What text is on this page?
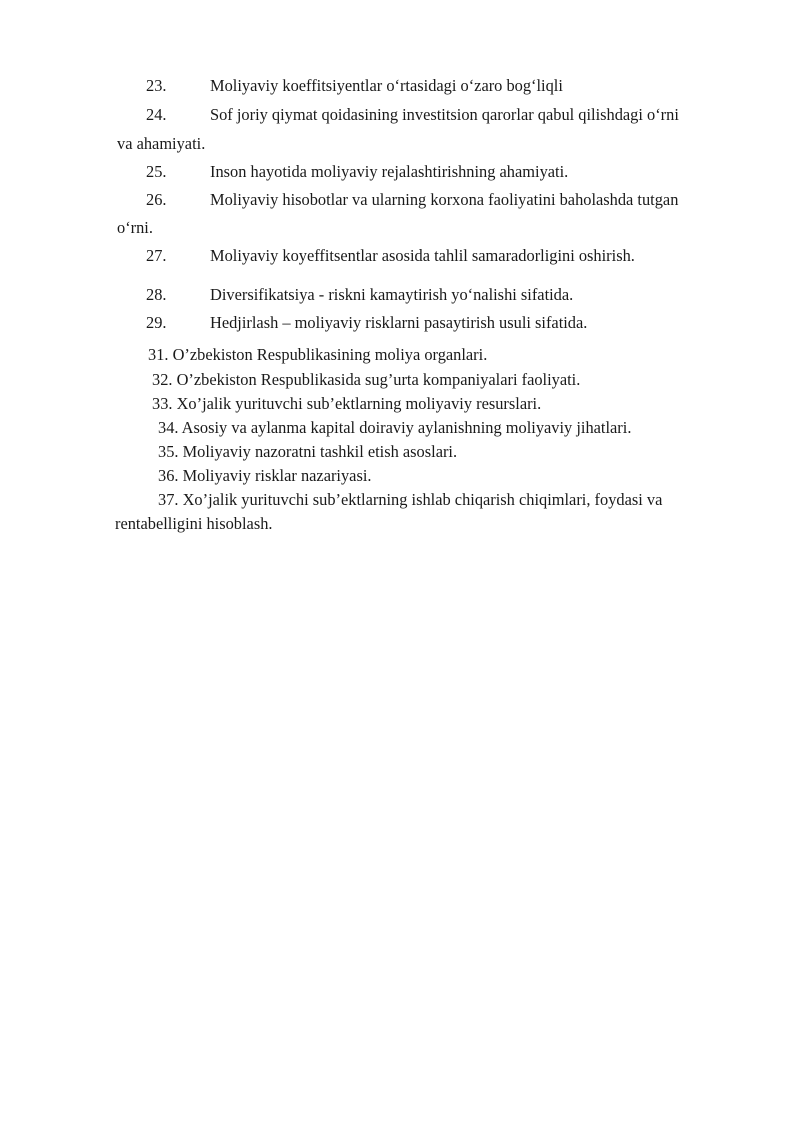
23.	Moliyaviy koeffitsiyentlar o‘rtasidagi o‘zaro bog‘liqli
24.	Sof joriy qiymat qoidasining investitsion qarorlar qabul qilishdagi o‘rni
va ahamiyati.
25.	Inson hayotida moliyaviy rejalashtirishning ahamiyati.
26.	Moliyaviy hisobotlar va ularning korxona faoliyatini baholashda tutgan
o‘rni.
27.	Moliyaviy koyeffitsentlar asosida tahlil samaradorligini oshirish.
28.	Diversifikatsiya - riskni kamaytirish yo‘nalishi sifatida.
29.	Hedjirlash – moliyaviy risklarni pasaytirish usuli sifatida.
31. O’zbekiston Respublikasining moliya organlari.
32. O’zbekiston Respublikasida sug’urta kompaniyalari faoliyati.
33. Xo’jalik yurituvchi sub’ektlarning moliyaviy resurslari.
34. Asosiy va aylanma kapital doiraviy aylanishning moliyaviy jihatlari.
35. Moliyaviy nazoratni tashkil etish asoslari.
36. Moliyaviy risklar nazariyasi.
37. Xo’jalik yurituvchi sub’ektlarning ishlab chiqarish chiqimlari, foydasi va
rentabelligini hisoblash.
